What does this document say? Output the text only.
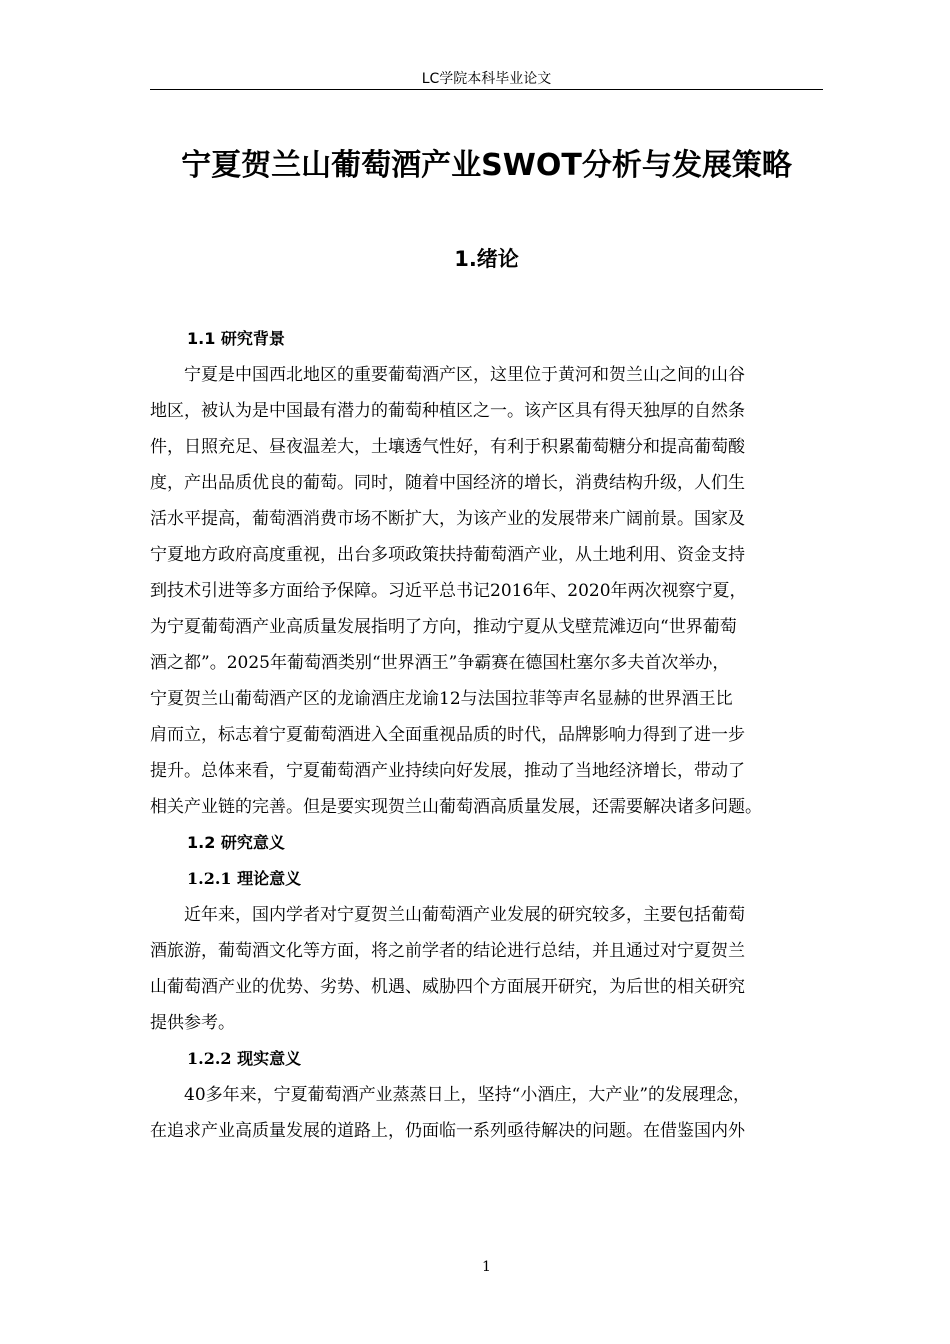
LC学院本科毕业论文
宁夏贺兰山葡萄酒产业SWOT分析与发展策略
1.绪论
1.1 研究背景
宁夏是中国西北地区的重要葡萄酒产区，这里位于黄河和贺兰山之间的山谷
地区，被认为是中国最有潜力的葡萄种植区之一。该产区具有得天独厚的自然条
件，日照充足、昼夜温差大，土壤透气性好，有利于积累葡萄糖分和提高葡萄酸
度，产出品质优良的葡萄。同时，随着中国经济的增长，消费结构升级，人们生
活水平提高，葡萄酒消费市场不断扩大，为该产业的发展带来广阔前景。国家及
宁夏地方政府高度重视，出台多项政策扶持葡萄酒产业，从土地利用、资金支持
到技术引进等多方面给予保障。习近平总书记2016年、2020年两次视察宁夏，
为宁夏葡萄酒产业高质量发展指明了方向，推动宁夏从戈壁荒滩迈向“世界葡萄
酒之都”。2025年葡萄酒类别“世界酒王”争霸赛在德国杜塞尔多夫首次举办，
宁夏贺兰山葡萄酒产区的龙谕酒庄龙谕12与法国拉菲等声名显赫的世界酒王比
肩而立，标志着宁夏葡萄酒进入全面重视品质的时代，品牌影响力得到了进一步
提升。总体来看，宁夏葡萄酒产业持续向好发展，推动了当地经济增长，带动了
相关产业链的完善。但是要实现贺兰山葡萄酒高质量发展，还需要解决诸多问题。
1.2 研究意义
1.2.1 理论意义
近年来，国内学者对宁夏贺兰山葡萄酒产业发展的研究较多，主要包括葡萄
酒旅游，葡萄酒文化等方面，将之前学者的结论进行总结，并且通过对宁夏贺兰
山葡萄酒产业的优势、劣势、机遇、威胁四个方面展开研究，为后世的相关研究
提供参考。
1.2.2 现实意义
40多年来，宁夏葡萄酒产业蒸蒸日上，坚持“小酒庄，大产业”的发展理念，
在追求产业高质量发展的道路上，仍面临一系列亟待解决的问题。在借鉴国内外
1
